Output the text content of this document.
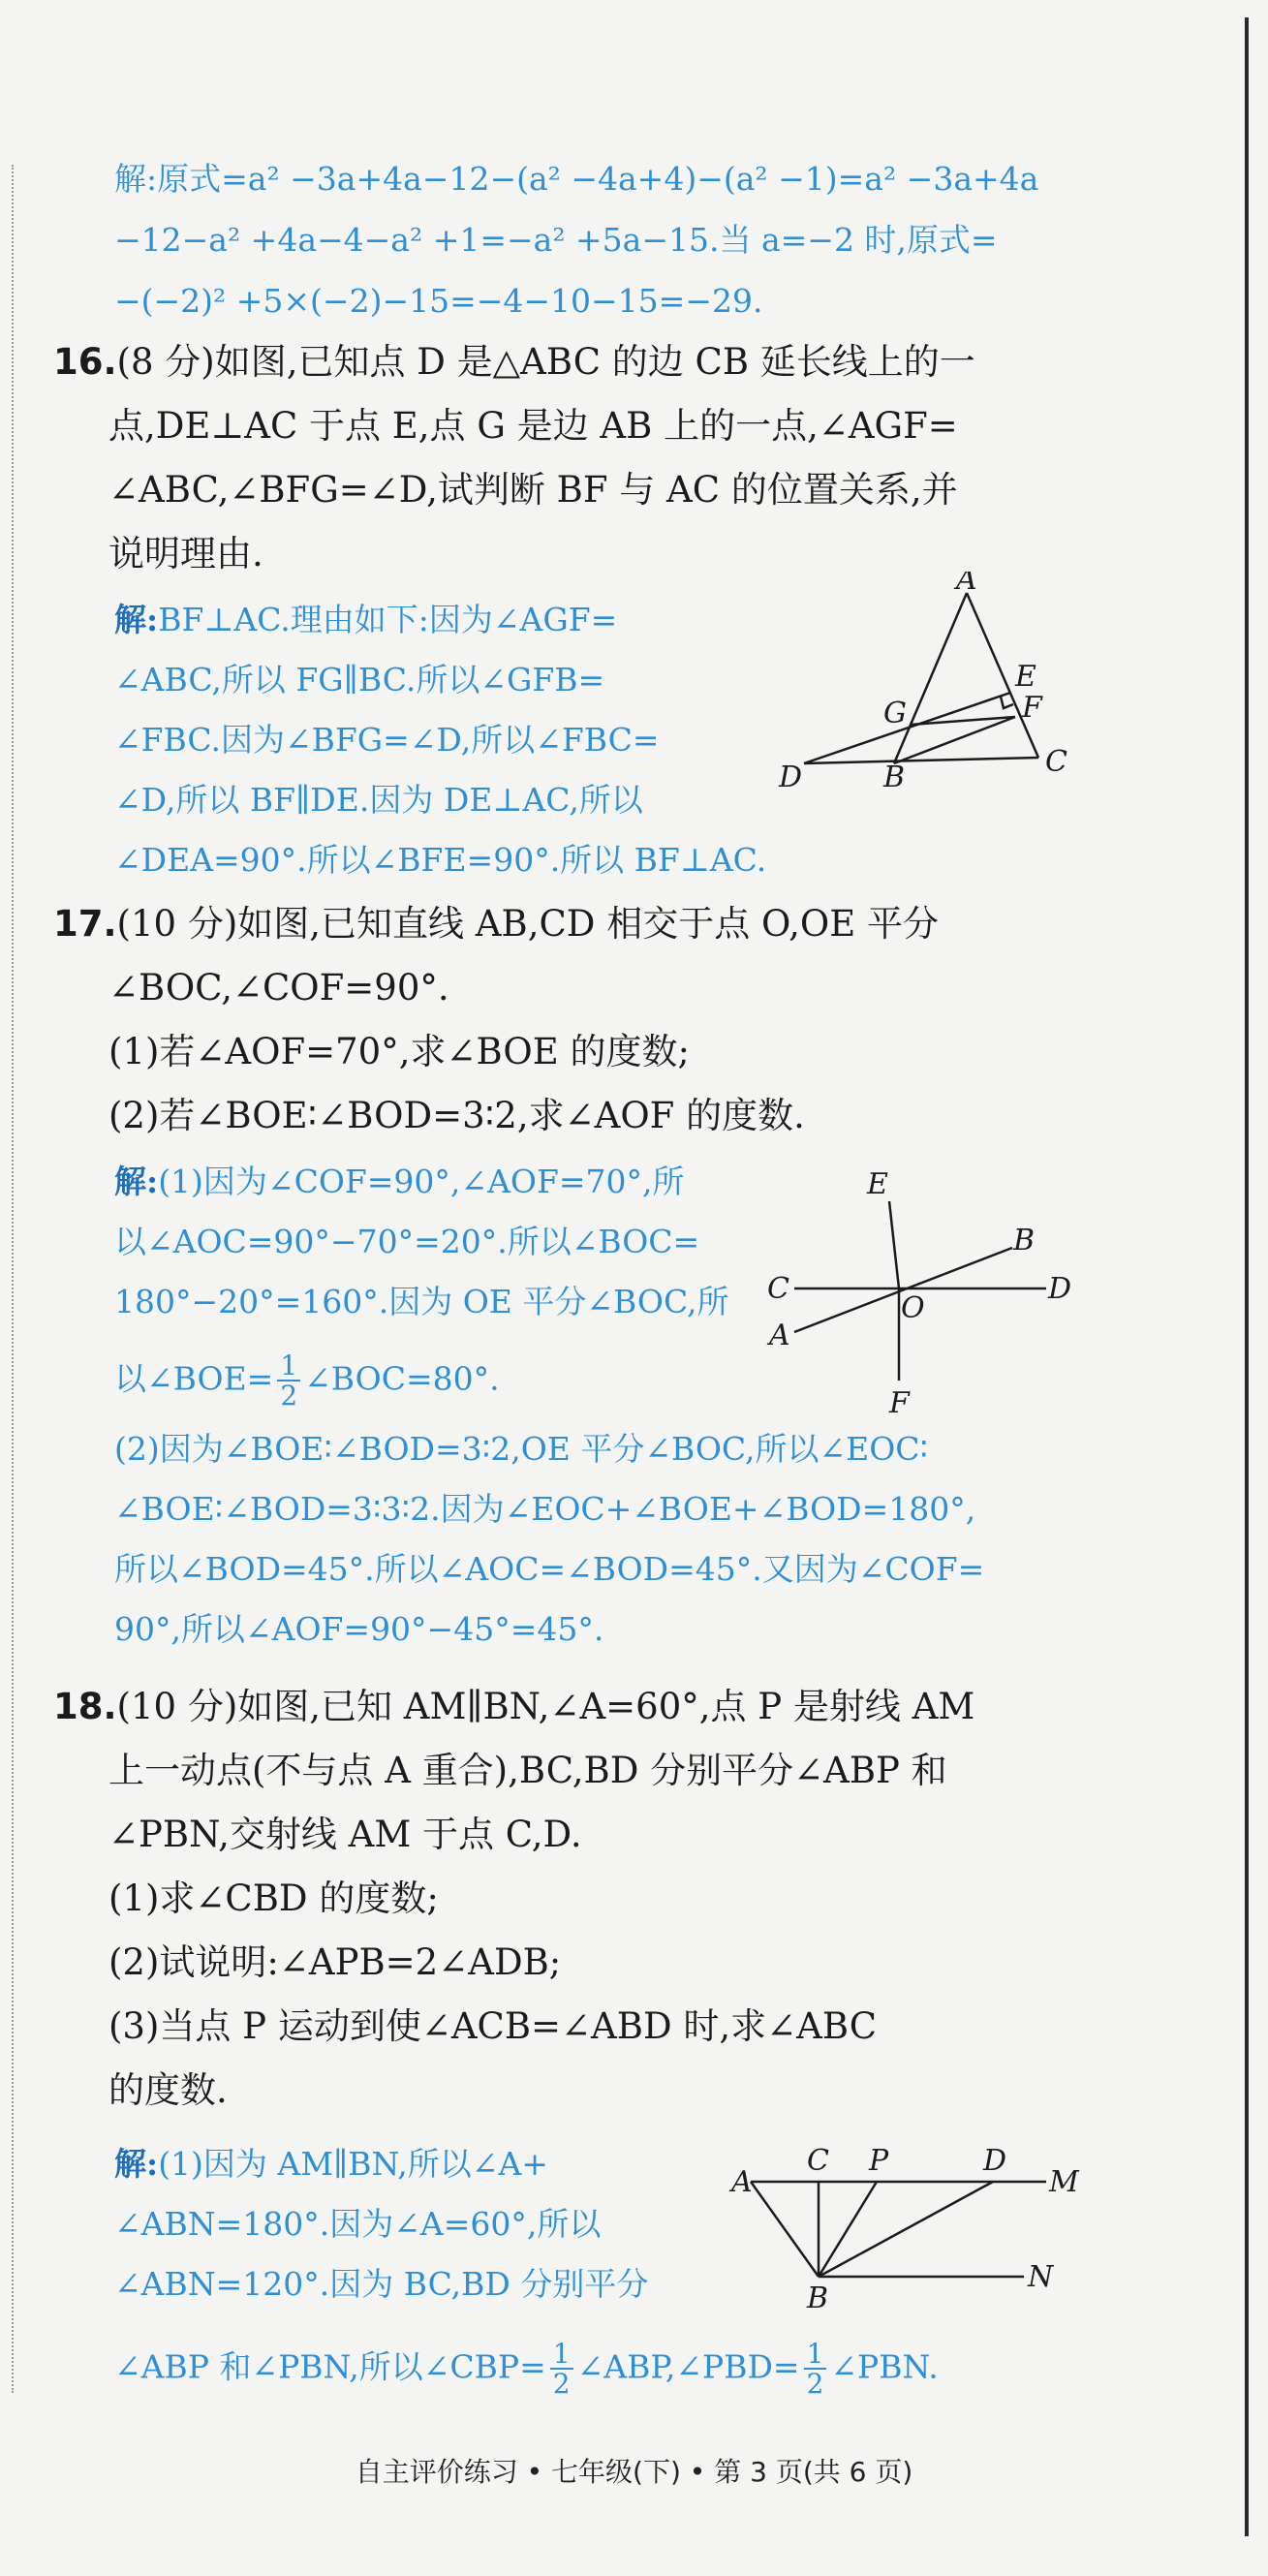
解:原式=a² −3a+4a−12−(a² −4a+4)−(a² −1)=a² −3a+4a
−12−a² +4a−4−a² +1=−a² +5a−15.当 a=−2 时,原式=
−(−2)² +5×(−2)−15=−4−10−15=−29.
16.(8 分)如图,已知点 D 是△ABC 的边 CB 延长线上的一
点,DE⊥AC 于点 E,点 G 是边 AB 上的一点,∠AGF=
∠ABC,∠BFG=∠D,试判断 BF 与 AC 的位置关系,并
说明理由.
解:BF⊥AC.理由如下:因为∠AGF=
∠ABC,所以 FG∥BC.所以∠GFB=
∠FBC.因为∠BFG=∠D,所以∠FBC=
∠D,所以 BF∥DE.因为 DE⊥AC,所以
∠DEA=90°.所以∠BFE=90°.所以 BF⊥AC.
A
E
G	F
D	B	C
17.(10 分)如图,已知直线 AB,CD 相交于点 O,OE 平分
∠BOC,∠COF=90°.
(1)若∠AOF=70°,求∠BOE 的度数;
(2)若∠BOE∶∠BOD=3∶2,求∠AOF 的度数.
解:(1)因为∠COF=90°,∠AOF=70°,所
以∠AOC=90°−70°=20°.所以∠BOC=
180°−20°=160°.因为 OE 平分∠BOC,所
以∠BOE= $\frac{1}{2}$ ∠BOC=80°.
(2)因为∠BOE∶∠BOD=3∶2,OE 平分∠BOC,所以∠EOC∶
∠BOE∶∠BOD=3∶3∶2.因为∠EOC+∠BOE+∠BOD=180°,
所以∠BOD=45°.所以∠AOC=∠BOD=45°.又因为∠COF=
90°,所以∠AOF=90°−45°=45°.
E
B
C	D
O
A
F
18.(10 分)如图,已知 AM∥BN,∠A=60°,点 P 是射线 AM
上一动点(不与点 A 重合),BC,BD 分别平分∠ABP 和
∠PBN,交射线 AM 于点 C,D.
(1)求∠CBD 的度数;
(2)试说明:∠APB=2∠ADB;
(3)当点 P 运动到使∠ACB=∠ABD 时,求∠ABC
的度数.
解:(1)因为 AM∥BN,所以∠A+
∠ABN=180°.因为∠A=60°,所以
∠ABN=120°.因为 BC,BD 分别平分
∠ABP 和∠PBN,所以∠CBP= $\frac{1}{2}$ ∠ABP,∠PBD= $\frac{1}{2}$ ∠PBN.
A
C P	D
M
B
N
自主评价练习 • 七年级(下) • 第 3 页(共 6 页)
